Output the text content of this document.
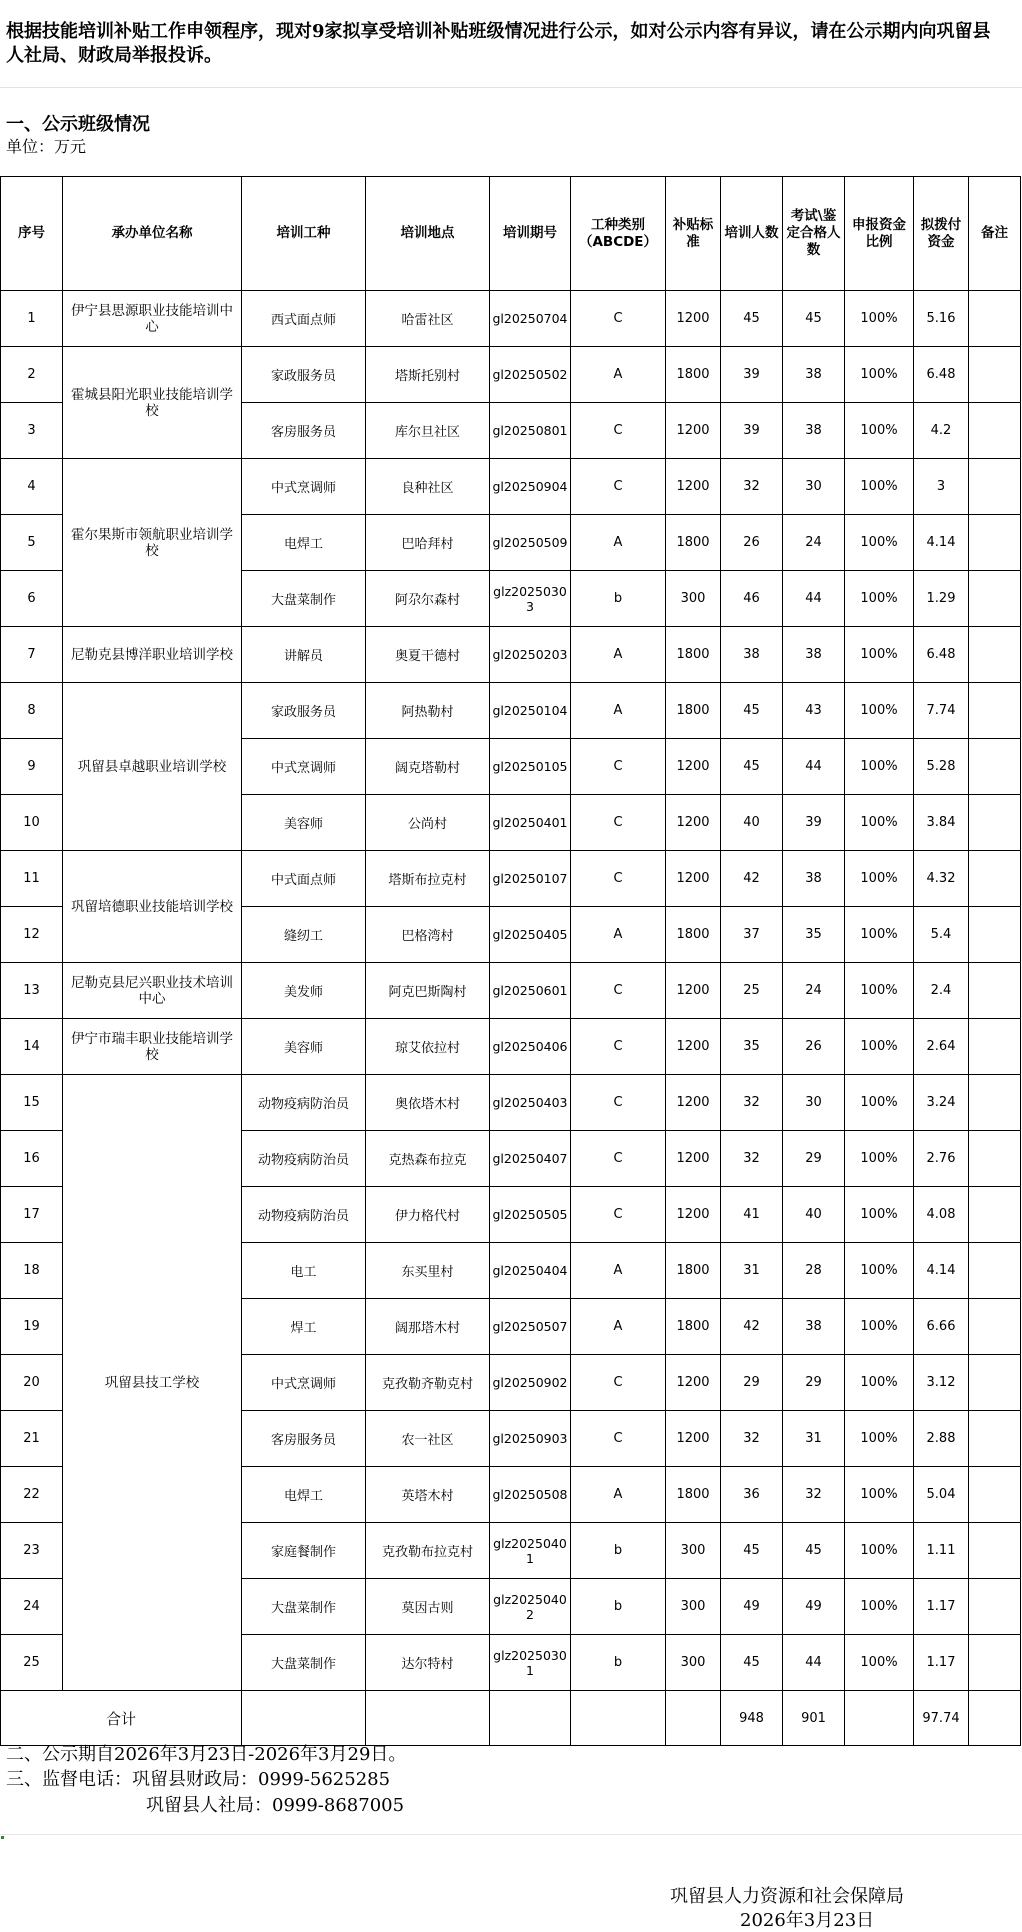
根据技能培训补贴工作申领程序，现对9家拟享受培训补贴班级情况进行公示，如对公示内容有异议，请在公示期内向巩留县人社局、财政局举报投诉。
一、公示班级情况
单位：万元
序号	承办单位名称	培训工种	培训地点	培训期号	工种类别（ABCDE）	补贴标准	培训人数	考试\鉴定合格人数	申报资金比例	拟拨付资金	备注
1	伊宁县思源职业技能培训中心	西式面点师	哈雷社区	gl20250704	C	1200	45	45	100%	5.16	
2	霍城县阳光职业技能培训学校	家政服务员	塔斯托别村	gl20250502	A	1800	39	38	100%	6.48	
3		客房服务员	库尔旦社区	gl20250801	C	1200	39	38	100%	4.2	
4	霍尔果斯市领航职业培训学校	中式烹调师	良种社区	gl20250904	C	1200	32	30	100%	3	
5		电焊工	巴哈拜村	gl20250509	A	1800	26	24	100%	4.14	
6		大盘菜制作	阿尕尔森村	glz20250303	b	300	46	44	100%	1.29	
7	尼勒克县博洋职业培训学校	讲解员	奥夏干德村	gl20250203	A	1800	38	38	100%	6.48	
8	巩留县卓越职业培训学校	家政服务员	阿热勒村	gl20250104	A	1800	45	43	100%	7.74	
9		中式烹调师	阔克塔勒村	gl20250105	C	1200	45	44	100%	5.28	
10		美容师	公尚村	gl20250401	C	1200	40	39	100%	3.84	
11	巩留培德职业技能培训学校	中式面点师	塔斯布拉克村	gl20250107	C	1200	42	38	100%	4.32	
12		缝纫工	巴格湾村	gl20250405	A	1800	37	35	100%	5.4	
13	尼勒克县尼兴职业技术培训中心	美发师	阿克巴斯陶村	gl20250601	C	1200	25	24	100%	2.4	
14	伊宁市瑞丰职业技能培训学校	美容师	琼艾依拉村	gl20250406	C	1200	35	26	100%	2.64	
15	巩留县技工学校	动物疫病防治员	奥依塔木村	gl20250403	C	1200	32	30	100%	3.24	
16		动物疫病防治员	克热森布拉克	gl20250407	C	1200	32	29	100%	2.76	
17		动物疫病防治员	伊力格代村	gl20250505	C	1200	41	40	100%	4.08	
18		电工	东买里村	gl20250404	A	1800	31	28	100%	4.14	
19		焊工	阔那塔木村	gl20250507	A	1800	42	38	100%	6.66	
20		中式烹调师	克孜勒齐勒克村	gl20250902	C	1200	29	29	100%	3.12	
21		客房服务员	农一社区	gl20250903	C	1200	32	31	100%	2.88	
22		电焊工	英塔木村	gl20250508	A	1800	36	32	100%	5.04	
23		家庭餐制作	克孜勒布拉克村	glz20250401	b	300	45	45	100%	1.11	
24		大盘菜制作	莫因古则	glz20250402	b	300	49	49	100%	1.17	
25		大盘菜制作	达尔特村	glz20250301	b	300	45	44	100%	1.17	
合计							948	901		97.74	
二、公示期自2026年3月23日-2026年3月29日。
三、监督电话：巩留县财政局：0999-5625285
巩留县人社局：0999-8687005
巩留县人力资源和社会保障局
2026年3月23日
